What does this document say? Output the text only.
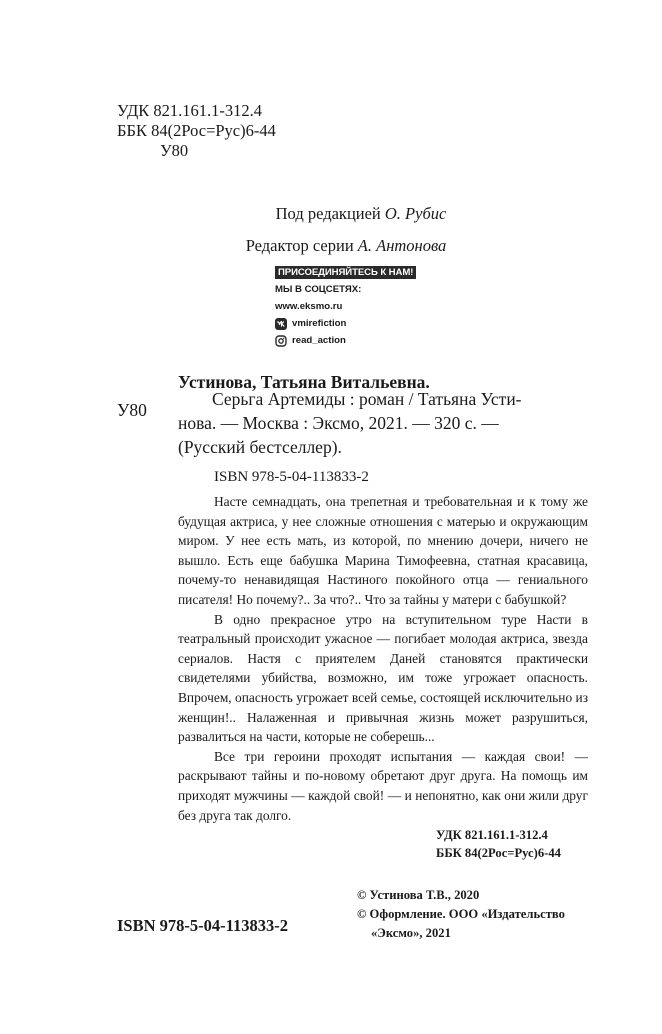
УДК 821.161.1-312.4
ББК 84(2Рос=Рус)6-44
У80
Под редакцией О. Рубис
Редактор серии А. Антонова
ПРИСОЕДИНЯЙТЕСЬ К НАМ!
МЫ В СОЦСЕТЯХ:
www.eksmo.ru
vmirefiction
read_action
Устинова, Татьяна Витальевна.
У80
Серьга Артемиды : роман / Татьяна Усти-
нова. — Москва : Эксмо, 2021. — 320 с. —
(Русский бестселлер).
ISBN 978-5-04-113833-2

Насте семнадцать, она трепетная и требовательная и к тому же будущая актриса, у нее сложные отношения с матерью и окружающим миром. У нее есть мать, из которой, по мнению дочери, ничего не вышло. Есть еще бабушка Марина Тимофеевна, статная красавица, почему-то ненавидящая Настиного покойного отца — гениального писателя! Но почему?.. За что?.. Что за тайны у матери с бабушкой?

В одно прекрасное утро на вступительном туре Насти в театральный происходит ужасное — погибает молодая актриса, звезда сериалов. Настя с приятелем Даней становятся практически свидетелями убийства, возможно, им тоже угрожает опасность. Впрочем, опасность угрожает всей семье, состоящей исключительно из женщин!.. Налаженная и привычная жизнь может разрушиться, развалиться на части, которые не соберешь...

Все три героини проходят испытания — каждая свои! — раскрывают тайны и по-новому обретают друг друга. На помощь им приходят мужчины — каждой свой! — и непонятно, как они жили друг без друга так долго.

УДК 821.161.1-312.4
ББК 84(2Рос=Рус)6-44
ISBN 978-5-04-113833-2
© Устинова Т.В., 2020
© Оформление. ООО «Издательство
«Эксмо», 2021
